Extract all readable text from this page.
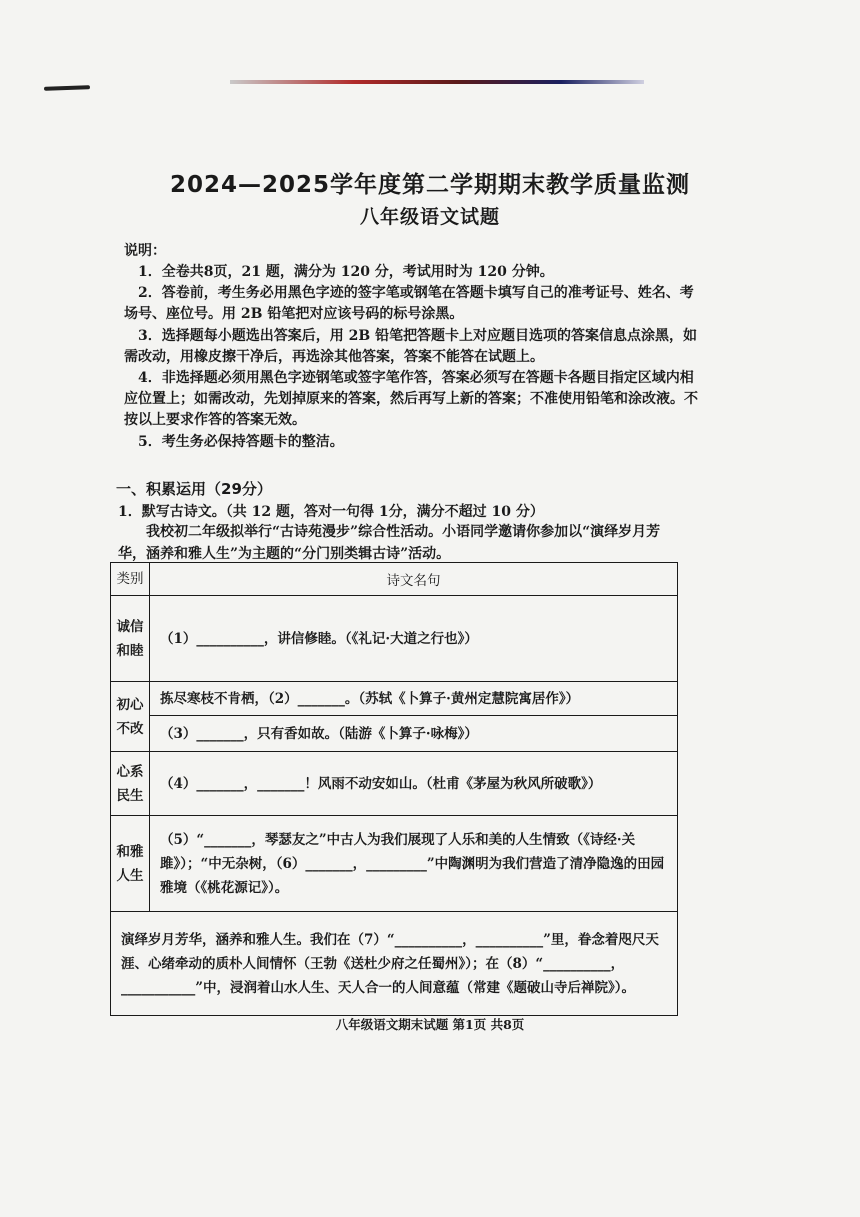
2024—2025学年度第二学期期末教学质量监测
八年级语文试题
说明：

1．全卷共8页，21 题，满分为 120 分，考试用时为 120 分钟。

2．答卷前，考生务必用黑色字迹的签字笔或钢笔在答题卡填写自己的准考证号、姓名、考场号、座位号。用 2B 铅笔把对应该号码的标号涂黑。

3．选择题每小题选出答案后，用 2B 铅笔把答题卡上对应题目选项的答案信息点涂黑，如需改动，用橡皮擦干净后，再选涂其他答案，答案不能答在试题上。

4．非选择题必须用黑色字迹钢笔或签字笔作答，答案必须写在答题卡各题目指定区域内相应位置上；如需改动，先划掉原来的答案，然后再写上新的答案；不准使用铅笔和涂改液。不按以上要求作答的答案无效。

5．考生务必保持答题卡的整洁。

一、积累运用（29分）
1．默写古诗文。（共 12 题，答对一句得 1分，满分不超过 10 分）
我校初二年级拟举行“古诗苑漫步”综合性活动。小语同学邀请你参加以“演绎岁月芳华，涵养和雅人生”为主题的“分门别类辑古诗”活动。
类别	诗文名句
诚信和睦	（1）__________，讲信修睦。（《礼记·大道之行也》）
初心不改	拣尽寒枝不肯栖，（2）_______。（苏轼《卜算子·黄州定慧院寓居作》）
	（3）_______，只有香如故。（陆游《卜算子·咏梅》）
心系民生	（4）_______，_______！风雨不动安如山。（杜甫《茅屋为秋风所破歌》）
和雅人生	（5）“_______，琴瑟友之”中古人为我们展现了人乐和美的人生情致（《诗经·关雎》）；“中无杂树，（6）_______，_________”中陶渊明为我们营造了清净隐逸的田园雅境（《桃花源记》）。
演绎岁月芳华，涵养和雅人生。我们在（7）“__________，__________”里，眷念着咫尺天涯、心绪牵动的质朴人间情怀（王勃《送杜少府之任蜀州》）；在（8）“__________，___________”中，浸润着山水人生、天人合一的人间意蕴（常建《题破山寺后禅院》）。	
八年级语文期末试题 第1页 共8页
